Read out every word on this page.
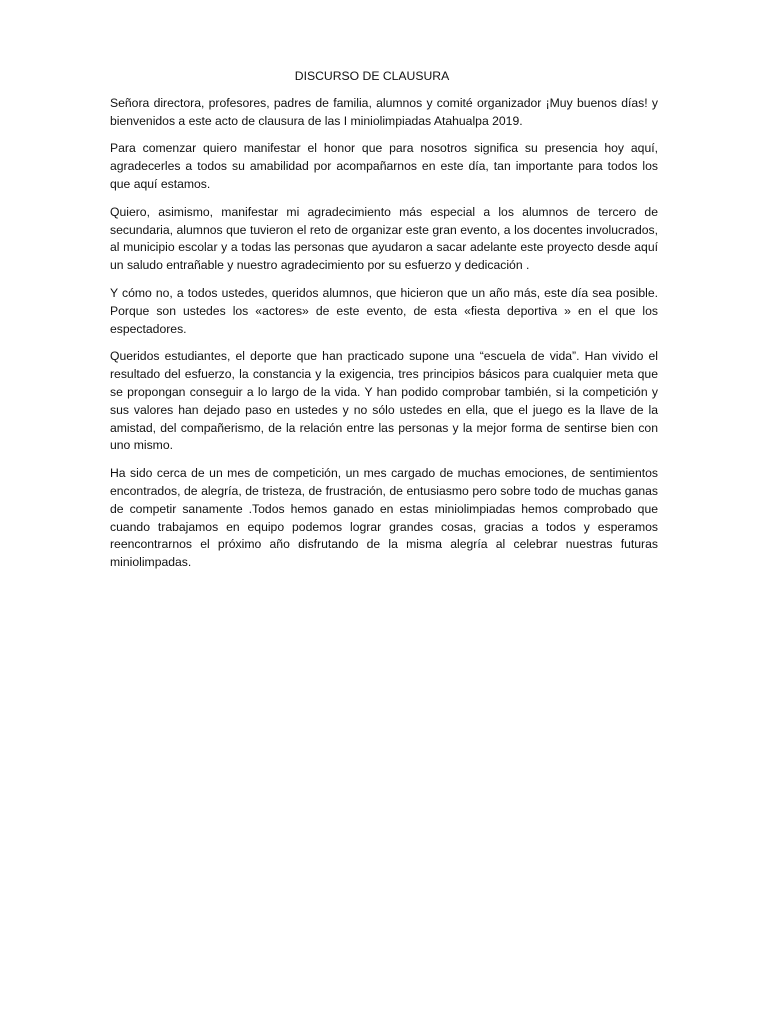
DISCURSO DE CLAUSURA

Señora directora, profesores, padres de familia, alumnos y comité organizador ¡Muy buenos días! y bienvenidos a este acto de clausura de las I miniolimpiadas Atahualpa 2019.

Para comenzar quiero manifestar el honor que para nosotros significa su presencia hoy aquí, agradecerles a todos su amabilidad por acompañarnos en este día, tan importante para todos los que aquí estamos.

Quiero, asimismo, manifestar mi agradecimiento más especial a los alumnos de tercero de secundaria, alumnos que tuvieron el reto de organizar este gran evento, a los docentes involucrados, al municipio escolar y a todas las personas que ayudaron a sacar adelante este proyecto desde aquí un saludo entrañable y nuestro agradecimiento por su esfuerzo y dedicación .

Y cómo no, a todos ustedes, queridos alumnos, que hicieron que un año más, este día sea posible. Porque son ustedes los «actores» de este evento, de esta «fiesta deportiva » en el que los espectadores.

Queridos estudiantes, el deporte que han practicado supone una “escuela de vida”. Han vivido el resultado del esfuerzo, la constancia y la exigencia, tres principios básicos para cualquier meta que se propongan conseguir a lo largo de la vida. Y han podido comprobar también, si la competición y sus valores han dejado paso en ustedes y no sólo ustedes en ella, que el juego es la llave de la amistad, del compañerismo, de la relación entre las personas y la mejor forma de sentirse bien con uno mismo.

Ha sido cerca de un mes de competición, un mes cargado de muchas emociones, de sentimientos encontrados, de alegría, de tristeza, de frustración, de entusiasmo pero sobre todo de muchas ganas de competir sanamente .Todos hemos ganado en estas miniolimpiadas hemos comprobado que cuando trabajamos en equipo podemos lograr grandes cosas, gracias a todos y esperamos reencontrarnos el próximo año disfrutando de la misma alegría al celebrar nuestras futuras miniolimpadas.
